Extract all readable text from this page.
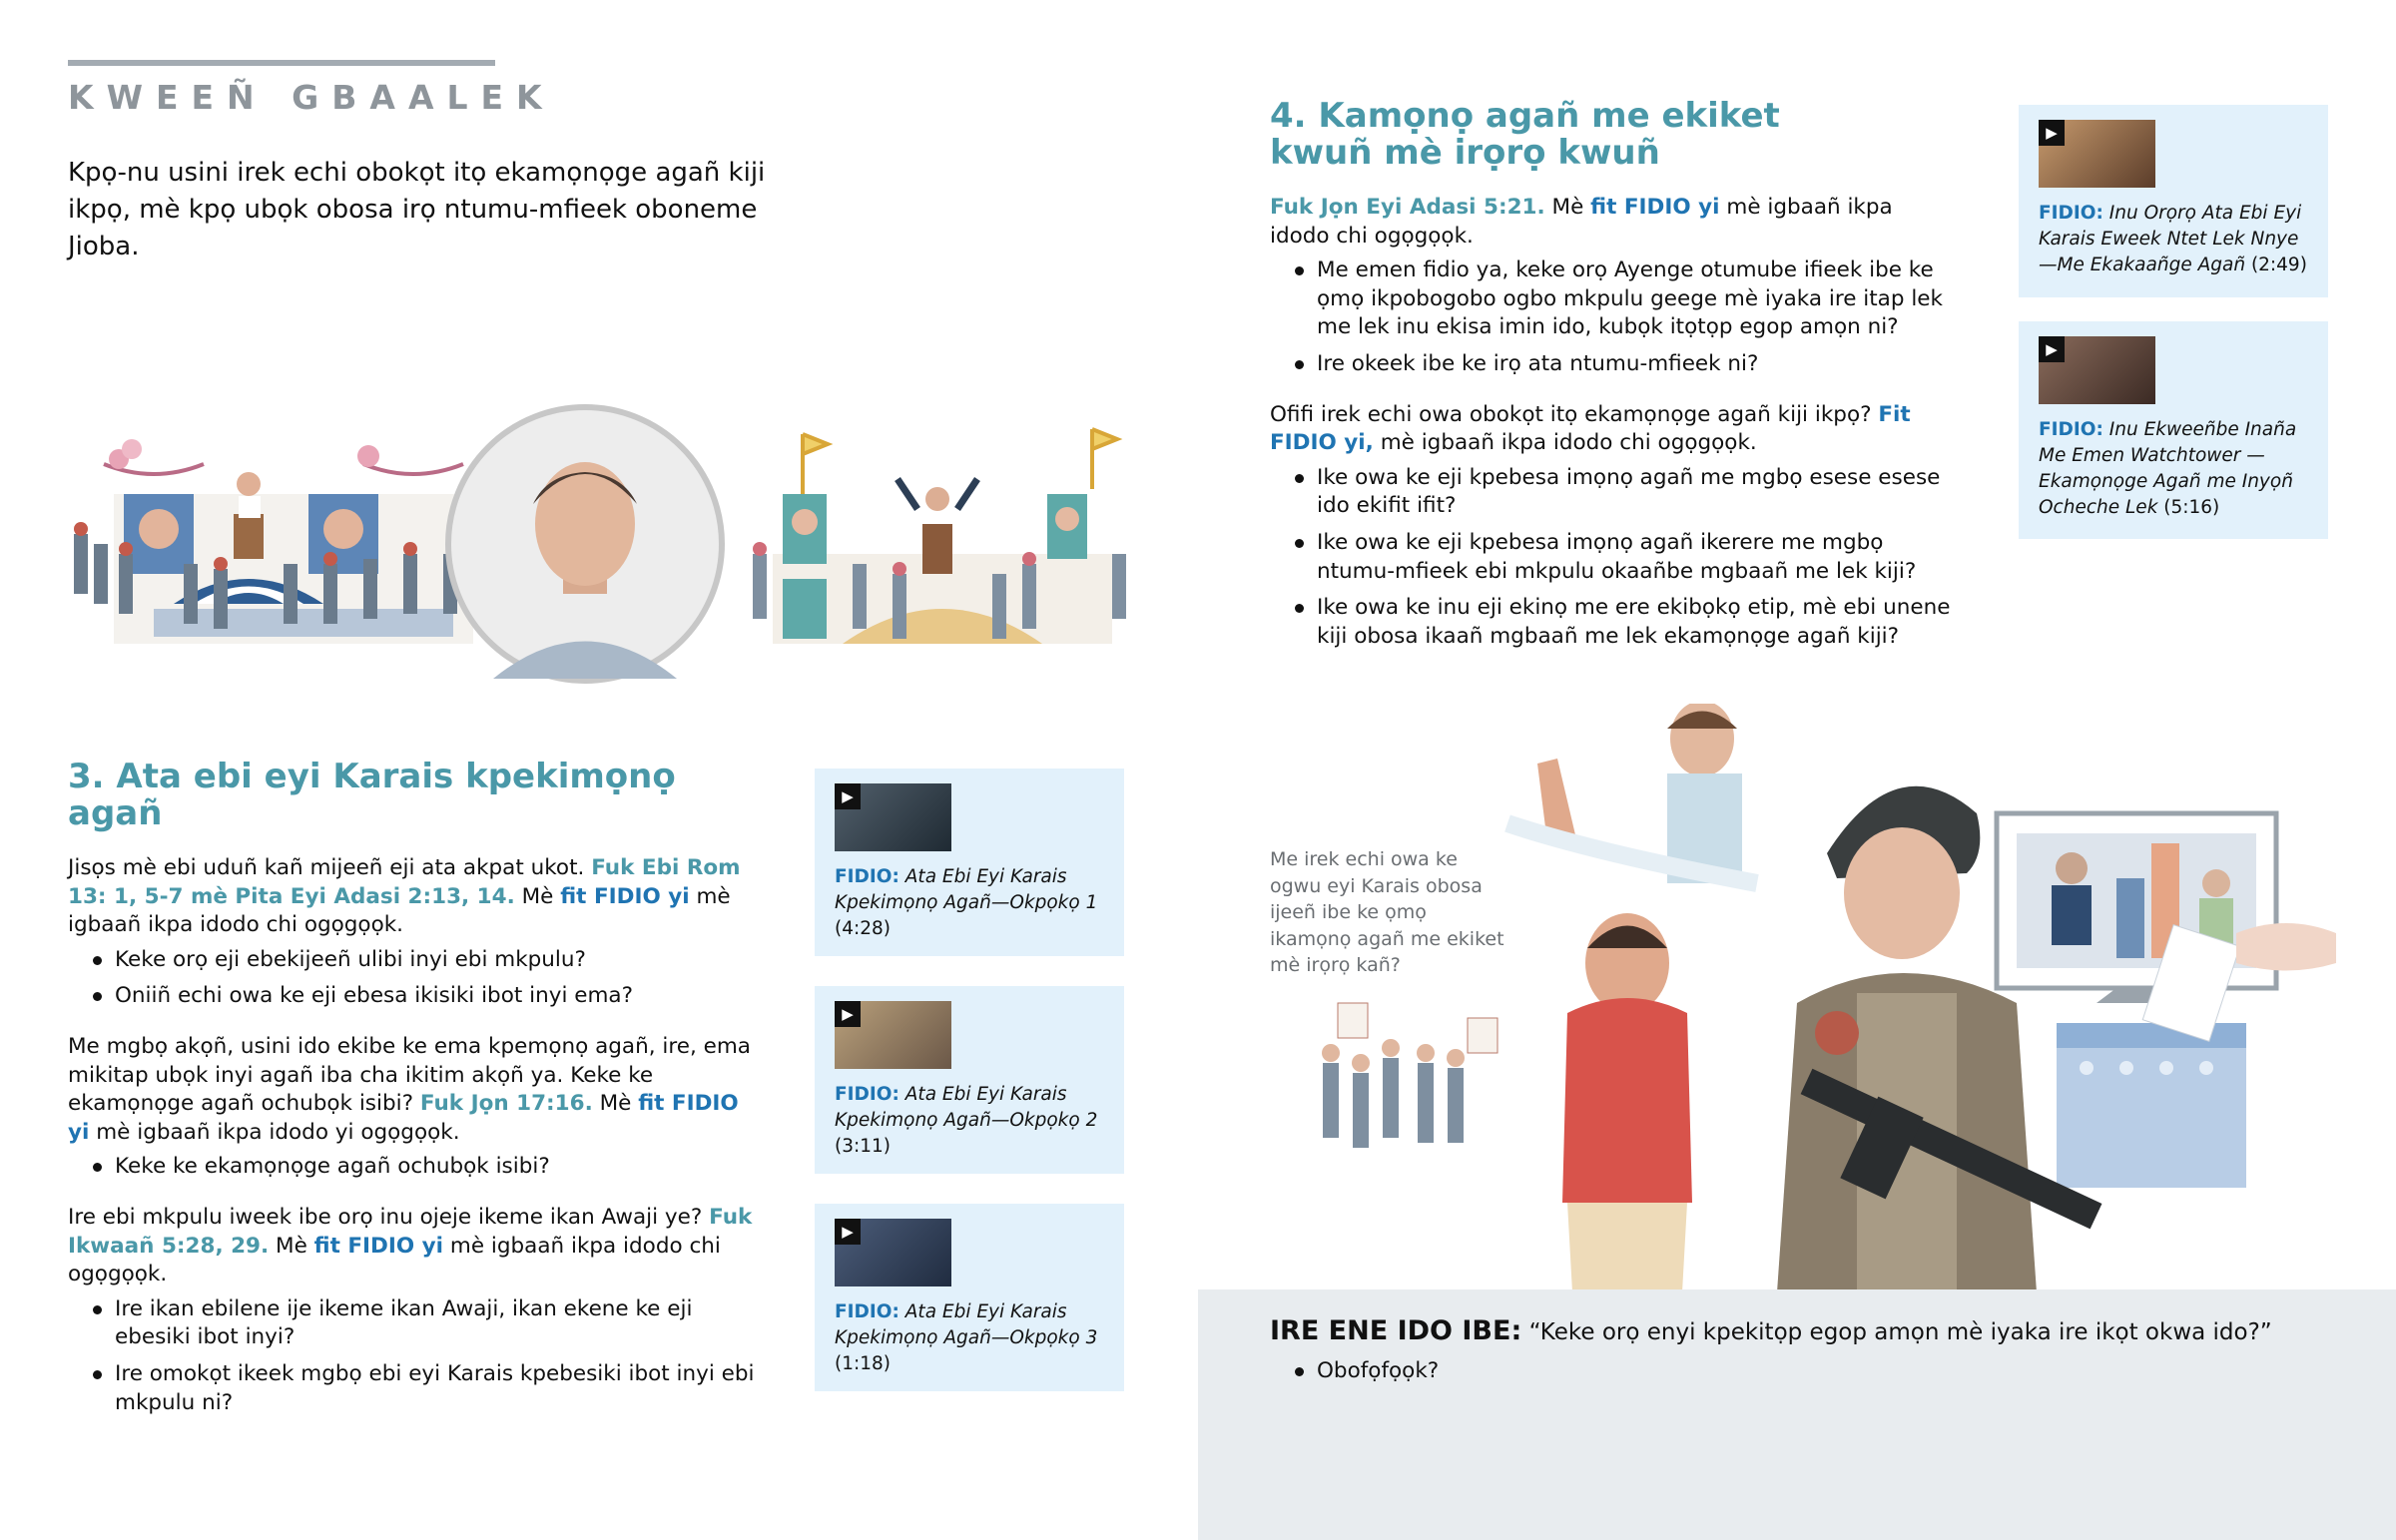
KWEEÑ GBAALEK
Kpọ-nu usini irek echi obokọt itọ ekamọnọge agañ kiji ikpọ, mè kpọ ubọk obosa irọ ntumu-mfieek oboneme Jioba.
3. Ata ebi eyi Karais kpekimọnọ agañ

Jisọs mè ebi uduñ kañ mijeeñ eji ata akpat ukot. Fuk Ebi Rom 13: 1, 5-7 mè Pita Eyi Adasi 2:13, 14. Mè fit FIDIO yi mè igbaañ ikpa idodo chi ogọgọọk.

Keke orọ eji ebekijeeñ ulibi inyi ebi mkpulu?
Oniiñ echi owa ke eji ebesa ikisiki ibot inyi ema?

Me mgbọ akọñ, usini ido ekibe ke ema kpemọnọ agañ, ire, ema mikitap ubọk inyi agañ iba cha ikitim akọñ ya. Keke ke ekamọnọge agañ ochubọk isibi? Fuk Jọn 17:16. Mè fit FIDIO yi mè igbaañ ikpa idodo yi ogọgọọk.

Keke ke ekamọnọge agañ ochubọk isibi?

Ire ebi mkpulu iweek ibe orọ inu ojeje ikeme ikan Awaji ye? Fuk Ikwaañ 5:28, 29. Mè fit FIDIO yi mè igbaañ ikpa idodo chi ogọgọọk.

Ire ikan ebilene ije ikeme ikan Awaji, ikan ekene ke eji ebesiki ibot inyi?
Ire omokọt ikeek mgbọ ebi eyi Karais kpebesiki ibot inyi ebi mkpulu ni?
▶
FIDIO: Ata Ebi Eyi Karais Kpekimọnọ Agañ—Okpọkọ 1 (4:28)
▶
FIDIO: Ata Ebi Eyi Karais Kpekimọnọ Agañ—Okpọkọ 2 (3:11)
▶
FIDIO: Ata Ebi Eyi Karais Kpekimọnọ Agañ—Okpọkọ 3 (1:18)
4. Kamọnọ agañ me ekiket
kwuñ mè irọrọ kwuñ

Fuk Jọn Eyi Adasi 5:21. Mè fit FIDIO yi mè igbaañ ikpa idodo chi ogọgọọk.

Me emen fidio ya, keke orọ Ayenge otumube ifieek ibe ke ọmọ ikpobogobo ogbo mkpulu geege mè iyaka ire itap lek me lek inu ekisa imin ido, kubọk itọtọp egop amọn ni?
Ire okeek ibe ke irọ ata ntumu-mfieek ni?

Ofifi irek echi owa obokọt itọ ekamọnọge agañ kiji ikpọ? Fit FIDIO yi, mè igbaañ ikpa idodo chi ogọgọọk.

Ike owa ke eji kpebesa imọnọ agañ me mgbọ esese esese ido ekifit ifit?
Ike owa ke eji kpebesa imọnọ agañ ikerere me mgbọ ntumu-mfieek ebi mkpulu okaañbe mgbaañ me lek kiji?
Ike owa ke inu eji ekinọ me ere ekibọkọ etip, mè ebi unene kiji obosa ikaañ mgbaañ me lek ekamọnọge agañ kiji?
▶
FIDIO: Inu Orọrọ Ata Ebi Eyi Karais Eweek Ntet Lek Nnye —Me Ekakaañge Agañ (2:49)
▶
FIDIO: Inu Ekweeñbe Inaña Me Emen Watchtower —Ekamọnọge Agañ me Inyọñ Ocheche Lek (5:16)
Me irek echi owa ke ogwu eyi Karais obosa ijeeñ ibe ke ọmọ ikamọnọ agañ me ekiket mè irọrọ kañ?

IRE ENE IDO IBE: “Keke orọ enyi kpekitọp egop amọn mè iyaka ire ikọt okwa ido?”

Obofọfọọk?
